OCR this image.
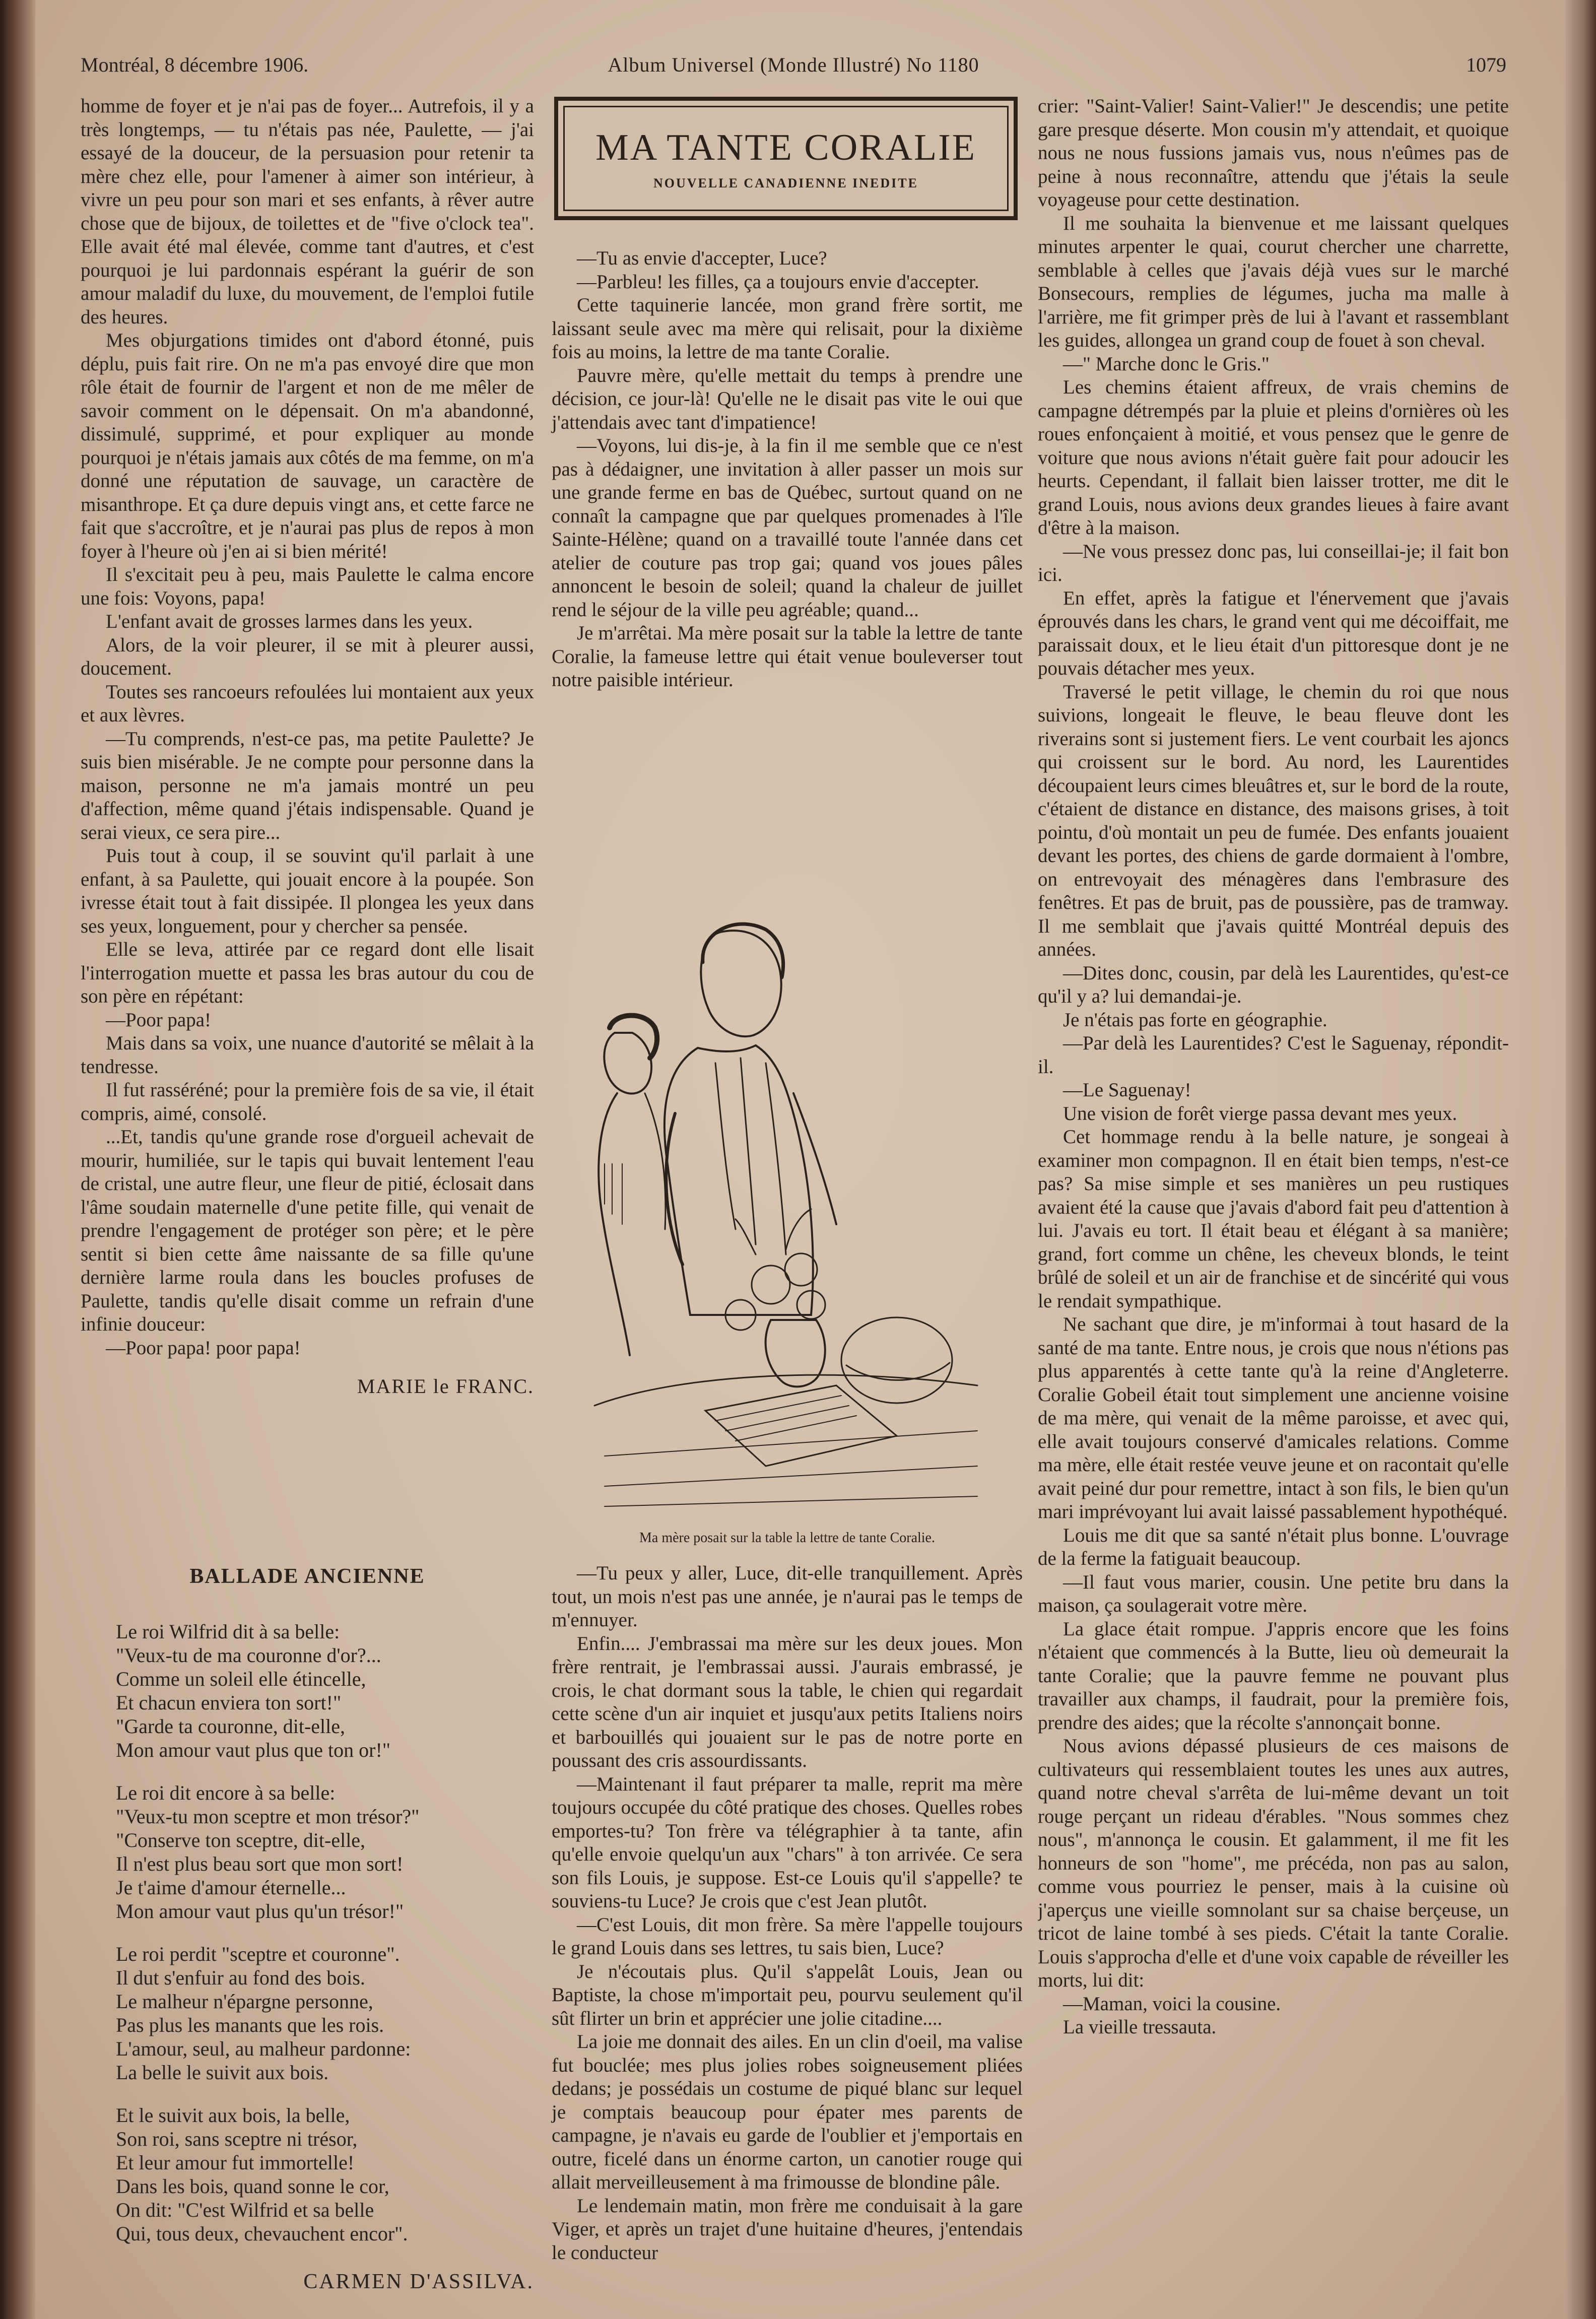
Montréal, 8 décembre 1906.	Album Universel (Monde Illustré) No 1180	1079

homme de foyer et je n'ai pas de foyer... Autrefois, il y a très longtemps, — tu n'étais pas née, Paulette, — j'ai essayé de la douceur, de la persuasion pour retenir ta mère chez elle, pour l'amener à aimer son intérieur, à vivre un peu pour son mari et ses enfants, à rêver autre chose que de bijoux, de toilettes et de "five o'clock tea". Elle avait été mal élevée, comme tant d'autres, et c'est pourquoi je lui pardonnais espérant la guérir de son amour maladif du luxe, du mouvement, de l'emploi futile des heures.

Mes objurgations timides ont d'abord étonné, puis déplu, puis fait rire. On ne m'a pas envoyé dire que mon rôle était de fournir de l'argent et non de me mêler de savoir comment on le dépensait. On m'a abandonné, dissimulé, supprimé, et pour expliquer au monde pourquoi je n'étais jamais aux côtés de ma femme, on m'a donné une réputation de sauvage, un caractère de misanthrope. Et ça dure depuis vingt ans, et cette farce ne fait que s'accroître, et je n'aurai pas plus de repos à mon foyer à l'heure où j'en ai si bien mérité!

Il s'excitait peu à peu, mais Paulette le calma encore une fois: Voyons, papa!

L'enfant avait de grosses larmes dans les yeux.

Alors, de la voir pleurer, il se mit à pleurer aussi, doucement.

Toutes ses rancoeurs refoulées lui montaient aux yeux et aux lèvres.

—Tu comprends, n'est-ce pas, ma petite Paulette? Je suis bien misérable. Je ne compte pour personne dans la maison, personne ne m'a jamais montré un peu d'affection, même quand j'étais indispensable. Quand je serai vieux, ce sera pire...

Puis tout à coup, il se souvint qu'il parlait à une enfant, à sa Paulette, qui jouait encore à la poupée. Son ivresse était tout à fait dissipée. Il plongea les yeux dans ses yeux, longuement, pour y chercher sa pensée.

Elle se leva, attirée par ce regard dont elle lisait l'interrogation muette et passa les bras autour du cou de son père en répétant:

—Poor papa!

Mais dans sa voix, une nuance d'autorité se mêlait à la tendresse.

Il fut rasséréné; pour la première fois de sa vie, il était compris, aimé, consolé.

...Et, tandis qu'une grande rose d'orgueil achevait de mourir, humiliée, sur le tapis qui buvait lentement l'eau de cristal, une autre fleur, une fleur de pitié, éclosait dans l'âme soudain maternelle d'une petite fille, qui venait de prendre l'engagement de protéger son père; et le père sentit si bien cette âme naissante de sa fille qu'une dernière larme roula dans les boucles profuses de Paulette, tandis qu'elle disait comme un refrain d'une infinie douceur:

—Poor papa! poor papa!

MARIE le FRANC.

BALLADE ANCIENNE
Le roi Wilfrid dit à sa belle:
"Veux-tu de ma couronne d'or?...
Comme un soleil elle étincelle,
Et chacun enviera ton sort!"
"Garde ta couronne, dit-elle,
Mon amour vaut plus que ton or!"
Le roi dit encore à sa belle:
"Veux-tu mon sceptre et mon trésor?"
"Conserve ton sceptre, dit-elle,
Il n'est plus beau sort que mon sort!
Je t'aime d'amour éternelle...
Mon amour vaut plus qu'un trésor!"
Le roi perdit "sceptre et couronne".
Il dut s'enfuir au fond des bois.
Le malheur n'épargne personne,
Pas plus les manants que les rois.
L'amour, seul, au malheur pardonne:
La belle le suivit aux bois.
Et le suivit aux bois, la belle,
Son roi, sans sceptre ni trésor,
Et leur amour fut immortelle!
Dans les bois, quand sonne le cor,
On dit: "C'est Wilfrid et sa belle
Qui, tous deux, chevauchent encor".
CARMEN D'ASSILVA.
MA TANTE CORALIE
NOUVELLE CANADIENNE INEDITE

—Tu as envie d'accepter, Luce?

—Parbleu! les filles, ça a toujours envie d'accepter.

Cette taquinerie lancée, mon grand frère sortit, me laissant seule avec ma mère qui relisait, pour la dixième fois au moins, la lettre de ma tante Coralie.

Pauvre mère, qu'elle mettait du temps à prendre une décision, ce jour-là! Qu'elle ne le disait pas vite le oui que j'attendais avec tant d'impatience!

—Voyons, lui dis-je, à la fin il me semble que ce n'est pas à dédaigner, une invitation à aller passer un mois sur une grande ferme en bas de Québec, surtout quand on ne connaît la campagne que par quelques promenades à l'île Sainte-Hélène; quand on a travaillé toute l'année dans cet atelier de couture pas trop gai; quand vos joues pâles annoncent le besoin de soleil; quand la chaleur de juillet rend le séjour de la ville peu agréable; quand...

Je m'arrêtai. Ma mère posait sur la table la lettre de tante Coralie, la fameuse lettre qui était venue bouleverser tout notre paisible intérieur.

Ma mère posait sur la table la lettre de tante Coralie.

—Tu peux y aller, Luce, dit-elle tranquillement. Après tout, un mois n'est pas une année, je n'aurai pas le temps de m'ennuyer.

Enfin.... J'embrassai ma mère sur les deux joues. Mon frère rentrait, je l'embrassai aussi. J'aurais embrassé, je crois, le chat dormant sous la table, le chien qui regardait cette scène d'un air inquiet et jusqu'aux petits Italiens noirs et barbouillés qui jouaient sur le pas de notre porte en poussant des cris assourdissants.

—Maintenant il faut préparer ta malle, reprit ma mère toujours occupée du côté pratique des choses. Quelles robes emportes-tu? Ton frère va télégraphier à ta tante, afin qu'elle envoie quelqu'un aux "chars" à ton arrivée. Ce sera son fils Louis, je suppose. Est-ce Louis qu'il s'appelle? te souviens-tu Luce? Je crois que c'est Jean plutôt.

—C'est Louis, dit mon frère. Sa mère l'appelle toujours le grand Louis dans ses lettres, tu sais bien, Luce?

Je n'écoutais plus. Qu'il s'appelât Louis, Jean ou Baptiste, la chose m'importait peu, pourvu seulement qu'il sût flirter un brin et apprécier une jolie citadine....

La joie me donnait des ailes. En un clin d'oeil, ma valise fut bouclée; mes plus jolies robes soigneusement pliées dedans; je possédais un costume de piqué blanc sur lequel je comptais beaucoup pour épater mes parents de campagne, je n'avais eu garde de l'oublier et j'emportais en outre, ficelé dans un énorme carton, un canotier rouge qui allait merveilleusement à ma frimousse de blondine pâle.

Le lendemain matin, mon frère me conduisait à la gare Viger, et après un trajet d'une huitaine d'heures, j'entendais le conducteur

crier: "Saint-Valier! Saint-Valier!" Je descendis; une petite gare presque déserte. Mon cousin m'y attendait, et quoique nous ne nous fussions jamais vus, nous n'eûmes pas de peine à nous reconnaître, attendu que j'étais la seule voyageuse pour cette destination.

Il me souhaita la bienvenue et me laissant quelques minutes arpenter le quai, courut chercher une charrette, semblable à celles que j'avais déjà vues sur le marché Bonsecours, remplies de légumes, jucha ma malle à l'arrière, me fit grimper près de lui à l'avant et rassemblant les guides, allongea un grand coup de fouet à son cheval.

—" Marche donc le Gris."

Les chemins étaient affreux, de vrais chemins de campagne détrempés par la pluie et pleins d'ornières où les roues enfonçaient à moitié, et vous pensez que le genre de voiture que nous avions n'était guère fait pour adoucir les heurts. Cependant, il fallait bien laisser trotter, me dit le grand Louis, nous avions deux grandes lieues à faire avant d'être à la maison.

—Ne vous pressez donc pas, lui conseillai-je; il fait bon ici.

En effet, après la fatigue et l'énervement que j'avais éprouvés dans les chars, le grand vent qui me décoiffait, me paraissait doux, et le lieu était d'un pittoresque dont je ne pouvais détacher mes yeux.

Traversé le petit village, le chemin du roi que nous suivions, longeait le fleuve, le beau fleuve dont les riverains sont si justement fiers. Le vent courbait les ajoncs qui croissent sur le bord. Au nord, les Laurentides découpaient leurs cimes bleuâtres et, sur le bord de la route, c'étaient de distance en distance, des maisons grises, à toit pointu, d'où montait un peu de fumée. Des enfants jouaient devant les portes, des chiens de garde dormaient à l'ombre, on entrevoyait des ménagères dans l'embrasure des fenêtres. Et pas de bruit, pas de poussière, pas de tramway. Il me semblait que j'avais quitté Montréal depuis des années.

—Dites donc, cousin, par delà les Laurentides, qu'est-ce qu'il y a? lui demandai-je.

Je n'étais pas forte en géographie.

—Par delà les Laurentides? C'est le Saguenay, répondit-il.

—Le Saguenay!

Une vision de forêt vierge passa devant mes yeux.

Cet hommage rendu à la belle nature, je songeai à examiner mon compagnon. Il en était bien temps, n'est-ce pas? Sa mise simple et ses manières un peu rustiques avaient été la cause que j'avais d'abord fait peu d'attention à lui. J'avais eu tort. Il était beau et élégant à sa manière; grand, fort comme un chêne, les cheveux blonds, le teint brûlé de soleil et un air de franchise et de sincérité qui vous le rendait sympathique.

Ne sachant que dire, je m'informai à tout hasard de la santé de ma tante. Entre nous, je crois que nous n'étions pas plus apparentés à cette tante qu'à la reine d'Angleterre. Coralie Gobeil était tout simplement une ancienne voisine de ma mère, qui venait de la même paroisse, et avec qui, elle avait toujours conservé d'amicales relations. Comme ma mère, elle était restée veuve jeune et on racontait qu'elle avait peiné dur pour remettre, intact à son fils, le bien qu'un mari imprévoyant lui avait laissé passablement hypothéqué.

Louis me dit que sa santé n'était plus bonne. L'ouvrage de la ferme la fatiguait beaucoup.

—Il faut vous marier, cousin. Une petite bru dans la maison, ça soulagerait votre mère.

La glace était rompue. J'appris encore que les foins n'étaient que commencés à la Butte, lieu où demeurait la tante Coralie; que la pauvre femme ne pouvant plus travailler aux champs, il faudrait, pour la première fois, prendre des aides; que la récolte s'annonçait bonne.

Nous avions dépassé plusieurs de ces maisons de cultivateurs qui ressemblaient toutes les unes aux autres, quand notre cheval s'arrêta de lui-même devant un toit rouge perçant un rideau d'érables. "Nous sommes chez nous", m'annonça le cousin. Et galamment, il me fit les honneurs de son "home", me précéda, non pas au salon, comme vous pourriez le penser, mais à la cuisine où j'aperçus une vieille somnolant sur sa chaise berçeuse, un tricot de laine tombé à ses pieds. C'était la tante Coralie. Louis s'approcha d'elle et d'une voix capable de réveiller les morts, lui dit:

—Maman, voici la cousine.

La vieille tressauta.
